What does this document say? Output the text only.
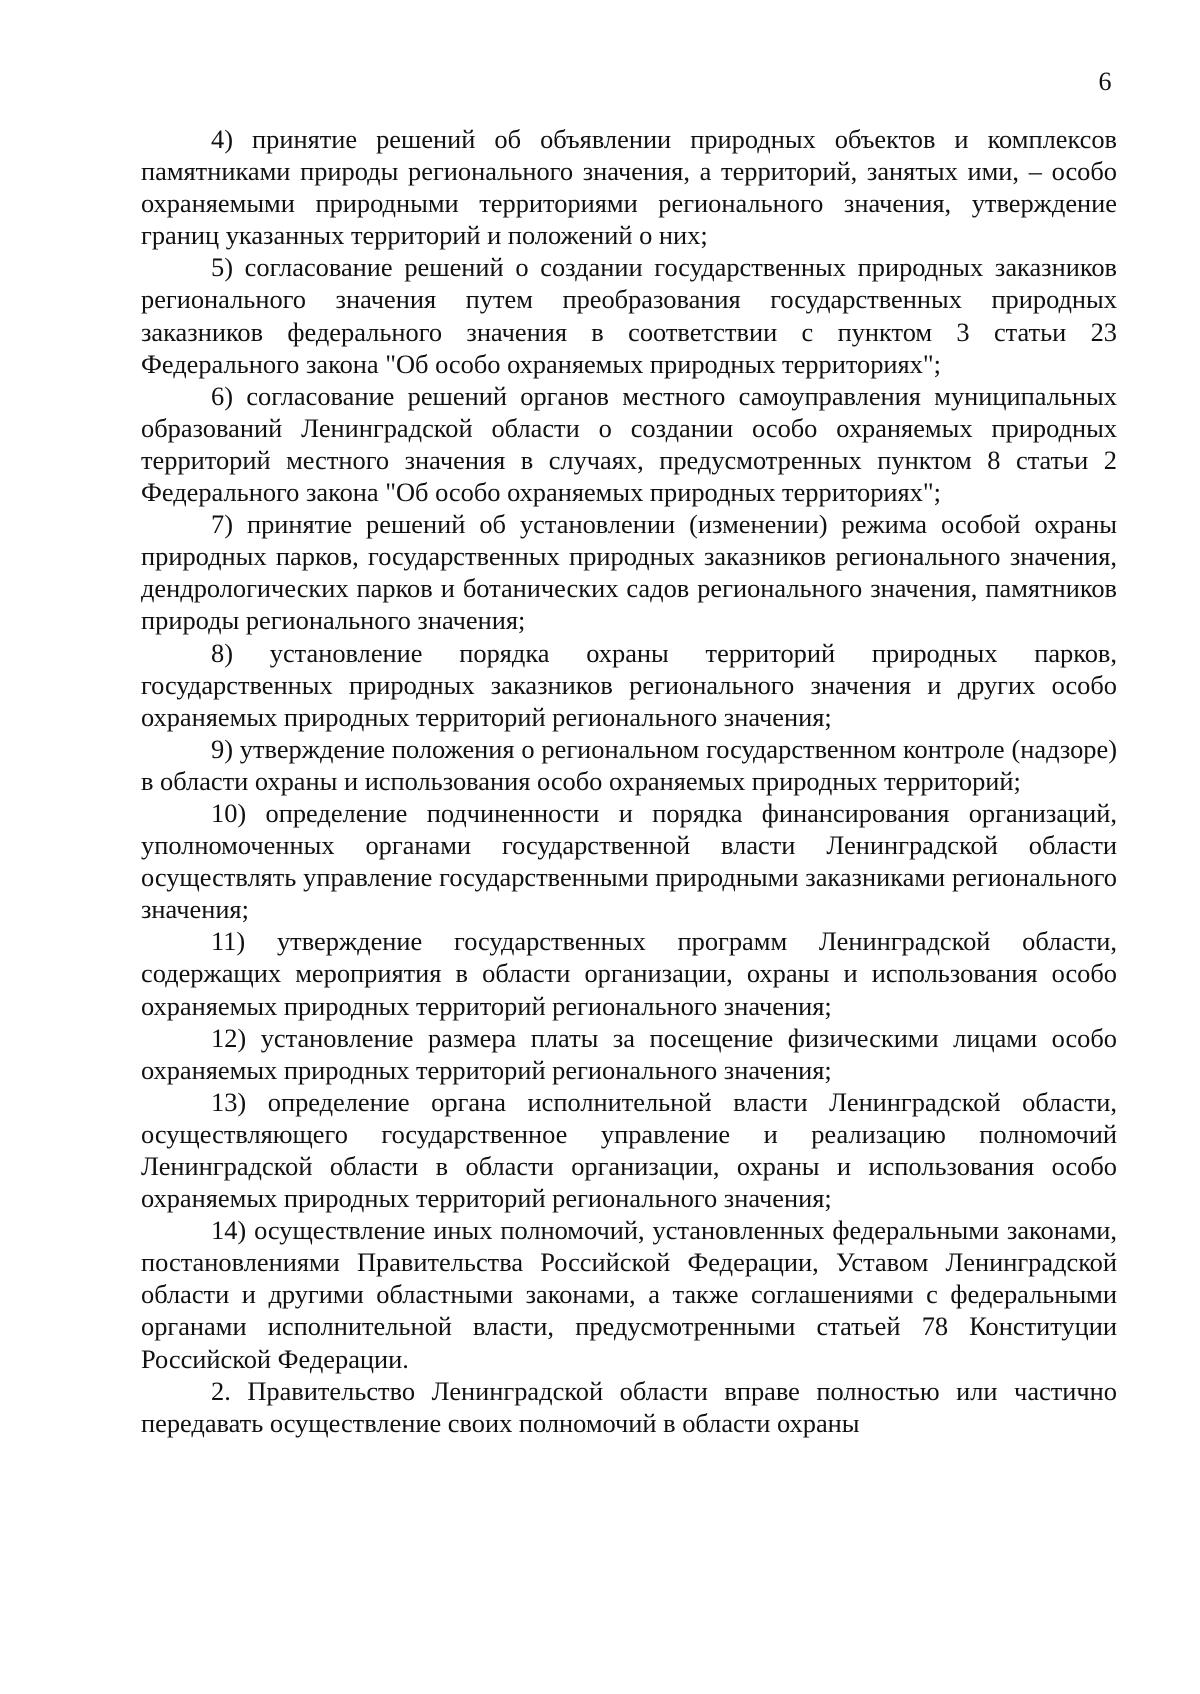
6

4) принятие решений об объявлении природных объектов и комплексов памятниками природы регионального значения, а территорий, занятых ими, – особо охраняемыми природными территориями регионального значения, утверждение границ указанных территорий и положений о них;

5) согласование решений о создании государственных природных заказников регионального значения путем преобразования государственных природных заказников федерального значения в соответствии с пунктом 3 статьи 23 Федерального закона "Об особо охраняемых природных территориях";

6) согласование решений органов местного самоуправления муниципальных образований Ленинградской области о создании особо охраняемых природных территорий местного значения в случаях, предусмотренных пунктом 8 статьи 2 Федерального закона "Об особо охраняемых природных территориях";

7) принятие решений об установлении (изменении) режима особой охраны природных парков, государственных природных заказников регионального значения, дендрологических парков и ботанических садов регионального значения, памятников природы регионального значения;

8) установление порядка охраны территорий природных парков, государственных природных заказников регионального значения и других особо охраняемых природных территорий регионального значения;

9) утверждение положения о региональном государственном контроле (надзоре) в области охраны и использования особо охраняемых природных территорий;

10) определение подчиненности и порядка финансирования организаций, уполномоченных органами государственной власти Ленинградской области осуществлять управление государственными природными заказниками регионального значения;

11) утверждение государственных программ Ленинградской области, содержащих мероприятия в области организации, охраны и использования особо охраняемых природных территорий регионального значения;

12) установление размера платы за посещение физическими лицами особо охраняемых природных территорий регионального значения;

13) определение органа исполнительной власти Ленинградской области, осуществляющего государственное управление и реализацию полномочий Ленинградской области в области организации, охраны и использования особо охраняемых природных территорий регионального значения;

14) осуществление иных полномочий, установленных федеральными законами, постановлениями Правительства Российской Федерации, Уставом Ленинградской области и другими областными законами, а также соглашениями с федеральными органами исполнительной власти, предусмотренными статьей 78 Конституции Российской Федерации.

2. Правительство Ленинградской области вправе полностью или частично передавать осуществление своих полномочий в области охраны
